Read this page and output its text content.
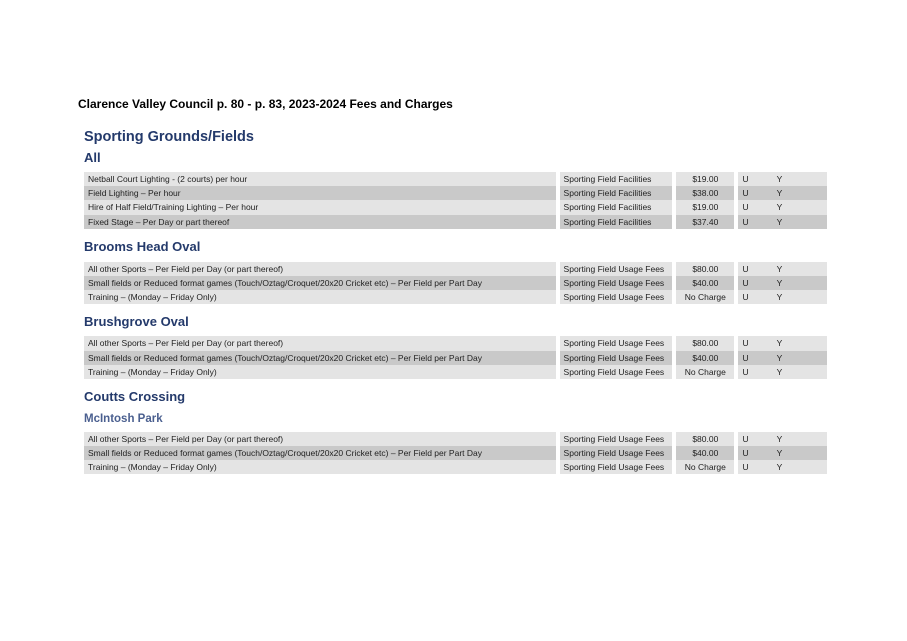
Clarence Valley Council p. 80 - p. 83, 2023-2024 Fees and Charges
Sporting Grounds/Fields
All
Netball Court Lighting - (2 courts) per hour		Sporting Field Facilities		$19.00		U	Y
Field Lighting – Per hour		Sporting Field Facilities		$38.00		U	Y
Hire of Half Field/Training Lighting – Per hour		Sporting Field Facilities		$19.00		U	Y
Fixed Stage – Per Day or part thereof		Sporting Field Facilities		$37.40		U	Y
Brooms Head Oval
All other Sports – Per Field per Day (or part thereof)		Sporting Field Usage Fees		$80.00		U	Y
Small fields or Reduced format games (Touch/Oztag/Croquet/20x20 Cricket etc) – Per Field per Part Day		Sporting Field Usage Fees		$40.00		U	Y
Training – (Monday – Friday Only)		Sporting Field Usage Fees		No Charge		U	Y
Brushgrove Oval
All other Sports – Per Field per Day (or part thereof)		Sporting Field Usage Fees		$80.00		U	Y
Small fields or Reduced format games (Touch/Oztag/Croquet/20x20 Cricket etc) – Per Field per Part Day		Sporting Field Usage Fees		$40.00		U	Y
Training – (Monday – Friday Only)		Sporting Field Usage Fees		No Charge		U	Y
Coutts Crossing
McIntosh Park
All other Sports – Per Field per Day (or part thereof)		Sporting Field Usage Fees		$80.00		U	Y
Small fields or Reduced format games (Touch/Oztag/Croquet/20x20 Cricket etc) – Per Field per Part Day		Sporting Field Usage Fees		$40.00		U	Y
Training – (Monday – Friday Only)		Sporting Field Usage Fees		No Charge		U	Y
